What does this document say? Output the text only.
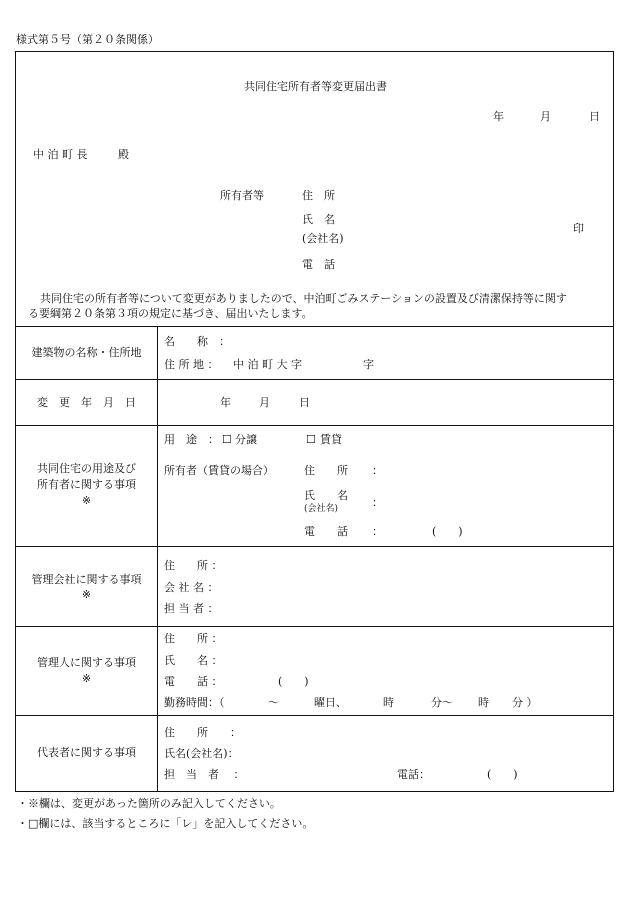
様式第５号（第２０条関係）
共同住宅所有者等変更届出書
年	月	日
中 泊 町 長	殿
所有者等	住　所
氏　名
(会社名)
印
電　話
共同住宅の所有者等について変更がありましたので、中泊町ごみステーションの設置及び清潔保持等に関す
る要綱第２０条第３項の規定に基づき、届出いたします。
建築物の名称・住所地
名　　称　：
住 所 地 ： 中 泊 町 大 字	字
変　更　年　月　日	年	月	日
共同住宅の用途及び
所有者に関する事項
※
用　途　： ☐ 分譲	☐ 賃貸
所有者（賃貸の場合）	住　　所 ：
氏　　名
(会社名)	：
電　　話 ：	(　　)
管理会社に関する事項
※
住　　所 ：
会 社 名 ：
担 当 者 ：
管理人に関する事項
※
住　　所 ：
氏　　名 ：
電　　話 ：	(　　)
勤務時間：（	～	曜日、	時	分～ 時 分 ）
代表者に関する事項
住　　所　　：
氏名(会社名)：
担　当　者　 ：	電話：	(　　)
・※欄は、変更があった箇所のみ記入してください。
・□欄には、該当するところに「レ」を記入してください。
